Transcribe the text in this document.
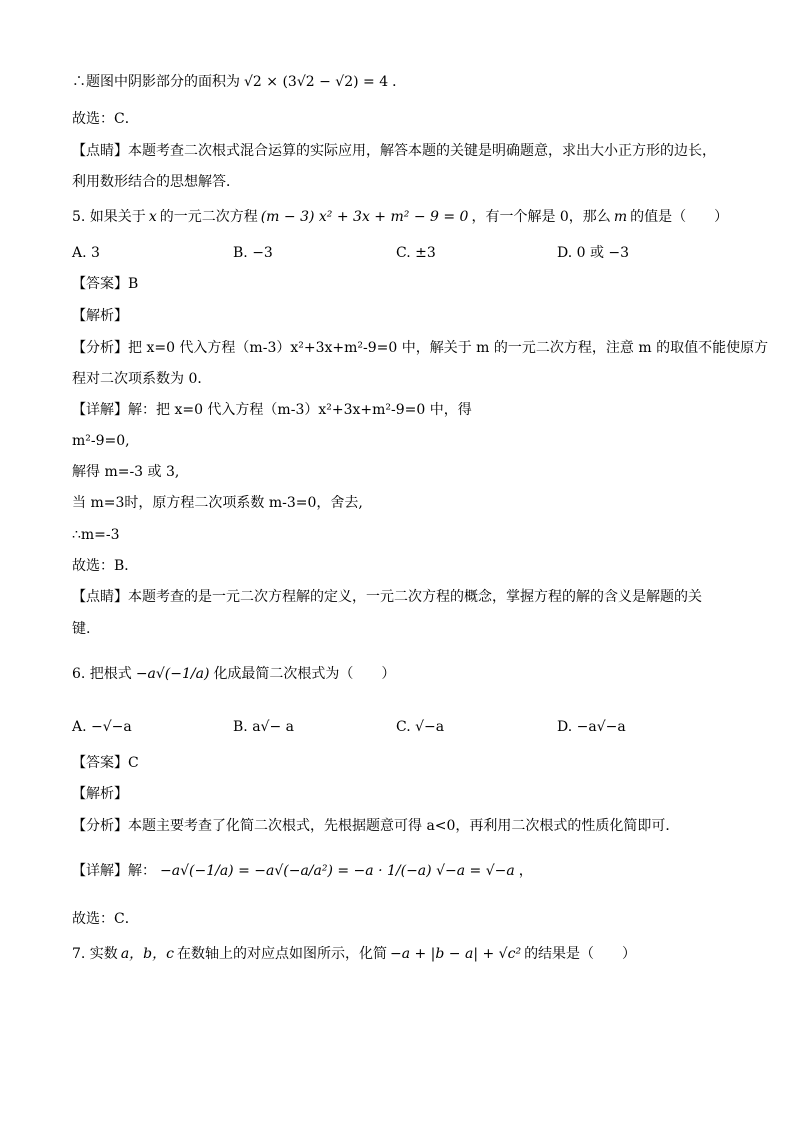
∴题图中阴影部分的面积为 √2 × (3√2 − √2) = 4 ．
故选：C．
【点睛】本题考查二次根式混合运算的实际应用，解答本题的关键是明确题意，求出大小正方形的边长，
利用数形结合的思想解答．
5. 如果关于 x 的一元二次方程 (m − 3) x² + 3x + m² − 9 = 0 ，有一个解是 0，那么 m 的值是（　　）
A. 3	B. −3	C. ±3	D. 0 或 −3
【答案】B
【解析】
【分析】把 x=0 代入方程（m-3）x²+3x+m²-9=0 中，解关于 m 的一元二次方程，注意 m 的取值不能使原方
程对二次项系数为 0．
【详解】解：把 x=0 代入方程（m-3）x²+3x+m²-9=0 中，得
m²-9=0,
解得 m=-3 或 3,
当 m=3时，原方程二次项系数 m-3=0，舍去,
∴m=-3
故选：B．
【点睛】本题考查的是一元二次方程解的定义，一元二次方程的概念，掌握方程的解的含义是解题的关
键.
6. 把根式 −a√(−1/a) 化成最简二次根式为（　　）
A. −√−a	B. a√− a	C. √−a	D. −a√−a
【答案】C
【解析】
【分析】本题主要考查了化简二次根式，先根据题意可得 a<0，再利用二次根式的性质化简即可．
【详解】解： −a√(−1/a) = −a√(−a/a²) = −a · 1/(−a) √−a = √−a ，
故选：C．
7. 实数 a，b，c 在数轴上的对应点如图所示，化简 −a + |b − a| + √c² 的结果是（　　）
